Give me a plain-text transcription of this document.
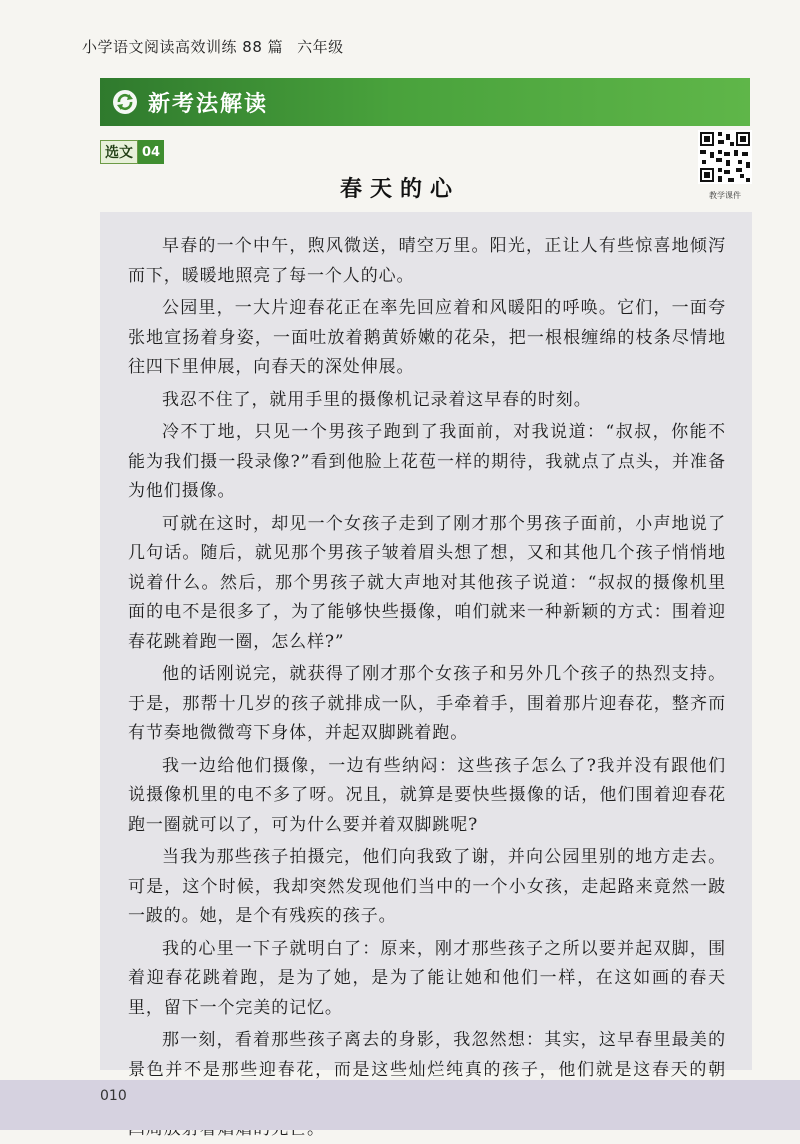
小学语文阅读高效训练 88 篇 六年级
新考法解读
选文 04
教学课件
春天的心

早春的一个中午，煦风微送，晴空万里。阳光，正让人有些惊喜地倾泻而下，暖暖地照亮了每一个人的心。

公园里，一大片迎春花正在率先回应着和风暖阳的呼唤。它们，一面夸张地宣扬着身姿，一面吐放着鹅黄娇嫩的花朵，把一根根缠绵的枝条尽情地往四下里伸展，向春天的深处伸展。

我忍不住了，就用手里的摄像机记录着这早春的时刻。

冷不丁地，只见一个男孩子跑到了我面前，对我说道：“叔叔，你能不能为我们摄一段录像?”看到他脸上花苞一样的期待，我就点了点头，并准备为他们摄像。

可就在这时，却见一个女孩子走到了刚才那个男孩子面前，小声地说了几句话。随后，就见那个男孩子皱着眉头想了想，又和其他几个孩子悄悄地说着什么。然后，那个男孩子就大声地对其他孩子说道：“叔叔的摄像机里面的电不是很多了，为了能够快些摄像，咱们就来一种新颖的方式：围着迎春花跳着跑一圈，怎么样?”

他的话刚说完，就获得了刚才那个女孩子和另外几个孩子的热烈支持。于是，那帮十几岁的孩子就排成一队，手牵着手，围着那片迎春花，整齐而有节奏地微微弯下身体，并起双脚跳着跑。

我一边给他们摄像，一边有些纳闷：这些孩子怎么了?我并没有跟他们说摄像机里的电不多了呀。况且，就算是要快些摄像的话，他们围着迎春花跑一圈就可以了，可为什么要并着双脚跳呢?

当我为那些孩子拍摄完，他们向我致了谢，并向公园里别的地方走去。可是，这个时候，我却突然发现他们当中的一个小女孩，走起路来竟然一跛一跛的。她，是个有残疾的孩子。

我的心里一下子就明白了：原来，刚才那些孩子之所以要并起双脚，围着迎春花跳着跑，是为了她，是为了能让她和他们一样，在这如画的春天里，留下一个完美的记忆。

那一刻，看着那些孩子离去的身影，我忽然想：其实，这早春里最美的景色并不是那些迎春花，而是这些灿烂纯真的孩子，他们就是这春天的朝

010
